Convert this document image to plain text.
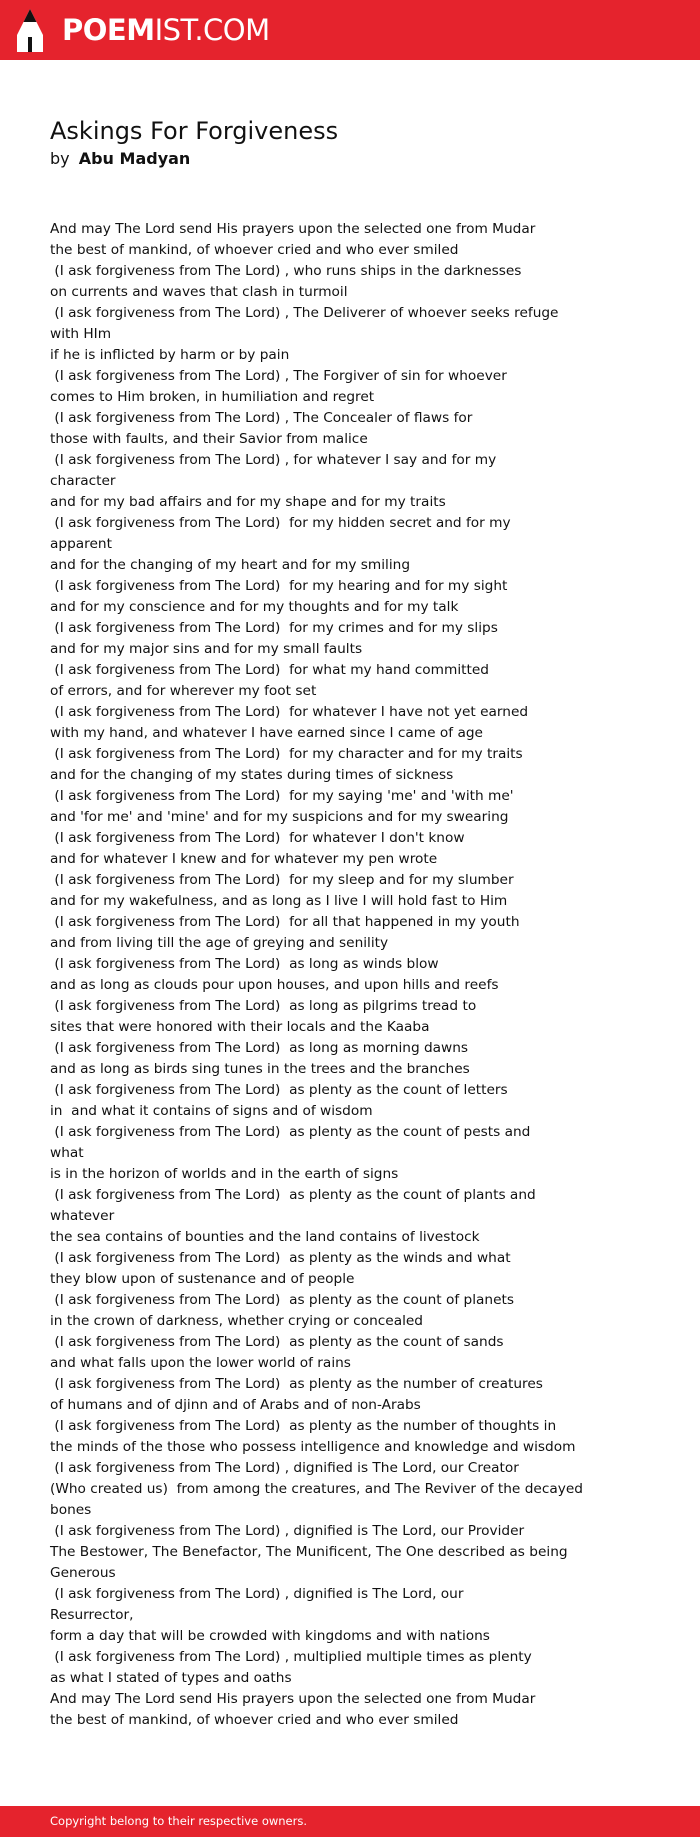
POEMIST.COM
Askings For Forgiveness
by Abu Madyan
And may The Lord send His prayers upon the selected one from Mudar
the best of mankind, of whoever cried and who ever smiled
(I ask forgiveness from The Lord) , who runs ships in the darknesses
on currents and waves that clash in turmoil
(I ask forgiveness from The Lord) , The Deliverer of whoever seeks refuge
with HIm
if he is inflicted by harm or by pain
(I ask forgiveness from The Lord) , The Forgiver of sin for whoever
comes to Him broken, in humiliation and regret
(I ask forgiveness from The Lord) , The Concealer of flaws for
those with faults, and their Savior from malice
(I ask forgiveness from The Lord) , for whatever I say and for my
character
and for my bad affairs and for my shape and for my traits
(I ask forgiveness from The Lord)  for my hidden secret and for my
apparent
and for the changing of my heart and for my smiling
(I ask forgiveness from The Lord)  for my hearing and for my sight
and for my conscience and for my thoughts and for my talk
(I ask forgiveness from The Lord)  for my crimes and for my slips
and for my major sins and for my small faults
(I ask forgiveness from The Lord)  for what my hand committed
of errors, and for wherever my foot set
(I ask forgiveness from The Lord)  for whatever I have not yet earned
with my hand, and whatever I have earned since I came of age
(I ask forgiveness from The Lord)  for my character and for my traits
and for the changing of my states during times of sickness
(I ask forgiveness from The Lord)  for my saying 'me' and 'with me'
and 'for me' and 'mine' and for my suspicions and for my swearing
(I ask forgiveness from The Lord)  for whatever I don't know
and for whatever I knew and for whatever my pen wrote
(I ask forgiveness from The Lord)  for my sleep and for my slumber
and for my wakefulness, and as long as I live I will hold fast to Him
(I ask forgiveness from The Lord)  for all that happened in my youth
and from living till the age of greying and senility
(I ask forgiveness from The Lord)  as long as winds blow
and as long as clouds pour upon houses, and upon hills and reefs
(I ask forgiveness from The Lord)  as long as pilgrims tread to
sites that were honored with their locals and the Kaaba
(I ask forgiveness from The Lord)  as long as morning dawns
and as long as birds sing tunes in the trees and the branches
(I ask forgiveness from The Lord)  as plenty as the count of letters
in  and what it contains of signs and of wisdom
(I ask forgiveness from The Lord)  as plenty as the count of pests and
what
is in the horizon of worlds and in the earth of signs
(I ask forgiveness from The Lord)  as plenty as the count of plants and
whatever
the sea contains of bounties and the land contains of livestock
(I ask forgiveness from The Lord)  as plenty as the winds and what
they blow upon of sustenance and of people
(I ask forgiveness from The Lord)  as plenty as the count of planets
in the crown of darkness, whether crying or concealed
(I ask forgiveness from The Lord)  as plenty as the count of sands
and what falls upon the lower world of rains
(I ask forgiveness from The Lord)  as plenty as the number of creatures
of humans and of djinn and of Arabs and of non-Arabs
(I ask forgiveness from The Lord)  as plenty as the number of thoughts in
the minds of the those who possess intelligence and knowledge and wisdom
(I ask forgiveness from The Lord) , dignified is The Lord, our Creator
(Who created us)  from among the creatures, and The Reviver of the decayed
bones
(I ask forgiveness from The Lord) , dignified is The Lord, our Provider
The Bestower, The Benefactor, The Munificent, The One described as being
Generous
(I ask forgiveness from The Lord) , dignified is The Lord, our
Resurrector,
form a day that will be crowded with kingdoms and with nations
(I ask forgiveness from The Lord) , multiplied multiple times as plenty
as what I stated of types and oaths
And may The Lord send His prayers upon the selected one from Mudar
the best of mankind, of whoever cried and who ever smiled
Copyright belong to their respective owners.
